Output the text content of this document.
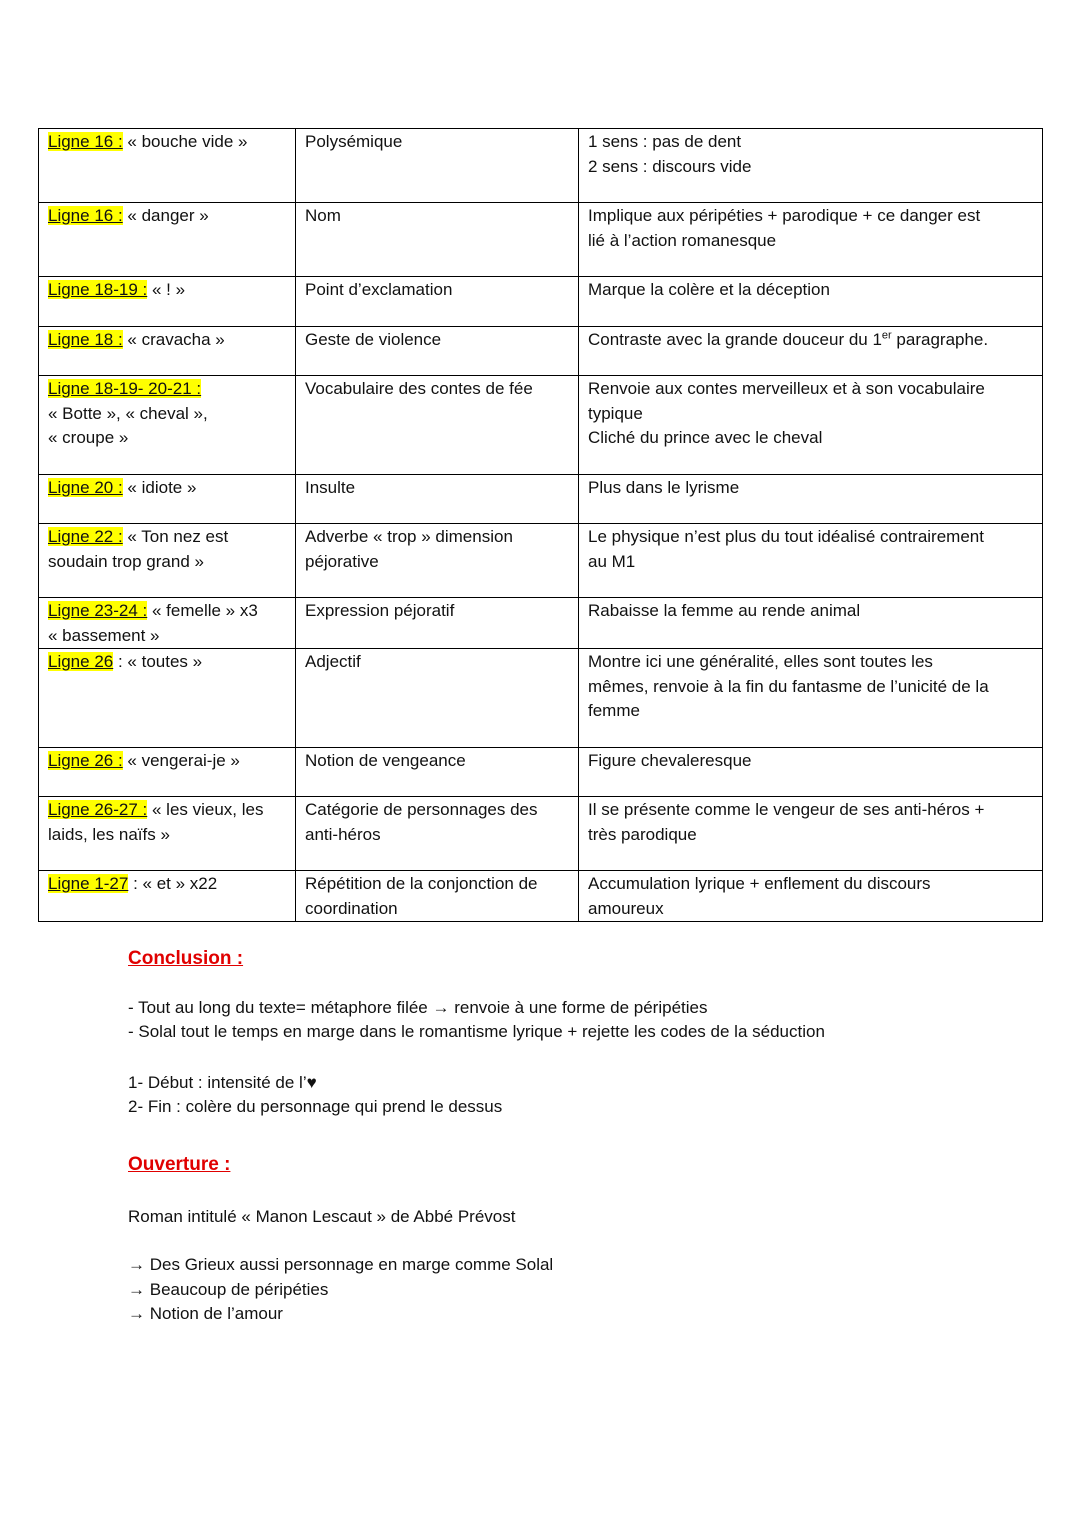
Ligne 16 : « bouche vide »	Polysémique	1 sens : pas de dent
2 sens : discours vide

Ligne 16 : « danger »	Nom	Implique aux péripéties + parodique + ce danger est
lié à l’action romanesque

Ligne 18-19 : « ! »	Point d’exclamation	Marque la colère et la déception

Ligne 18 : « cravacha »	Geste de violence	Contraste avec la grande douceur du 1er paragraphe.

Ligne 18-19- 20-21 :
« Botte », « cheval »,
« croupe »	Vocabulaire des contes de fée	Renvoie aux contes merveilleux et à son vocabulaire
typique
Cliché du prince avec le cheval

Ligne 20 : « idiote »	Insulte	Plus dans le lyrisme

Ligne 22 : « Ton nez est
soudain trop grand »	Adverbe « trop » dimension
péjorative	Le physique n’est plus du tout idéalisé contrairement
au M1

Ligne 23-24 : « femelle » x3
« bassement »	Expression péjoratif	Rabaisse la femme au rende animal

Ligne 26 : « toutes »	Adjectif	Montre ici une généralité, elles sont toutes les
mêmes, renvoie à la fin du fantasme de l’unicité de la
femme

Ligne 26 : « vengerai-je »	Notion de vengeance	Figure chevaleresque

Ligne 26-27 : « les vieux, les
laids, les naïfs »	Catégorie de personnages des
anti-héros	Il se présente comme le vengeur de ses anti-héros +
très parodique

Ligne 1-27 : « et » x22	Répétition de la conjonction de
coordination	Accumulation lyrique + enflement du discours
amoureux
Conclusion :
- Tout au long du texte= métaphore filée → renvoie à une forme de péripéties
- Solal tout le temps en marge dans le romantisme lyrique + rejette les codes de la séduction
1- Début : intensité de l’♥
2- Fin : colère du personnage qui prend le dessus
Ouverture :
Roman intitulé « Manon Lescaut » de Abbé Prévost
→ Des Grieux aussi personnage en marge comme Solal
→ Beaucoup de péripéties
→ Notion de l’amour
